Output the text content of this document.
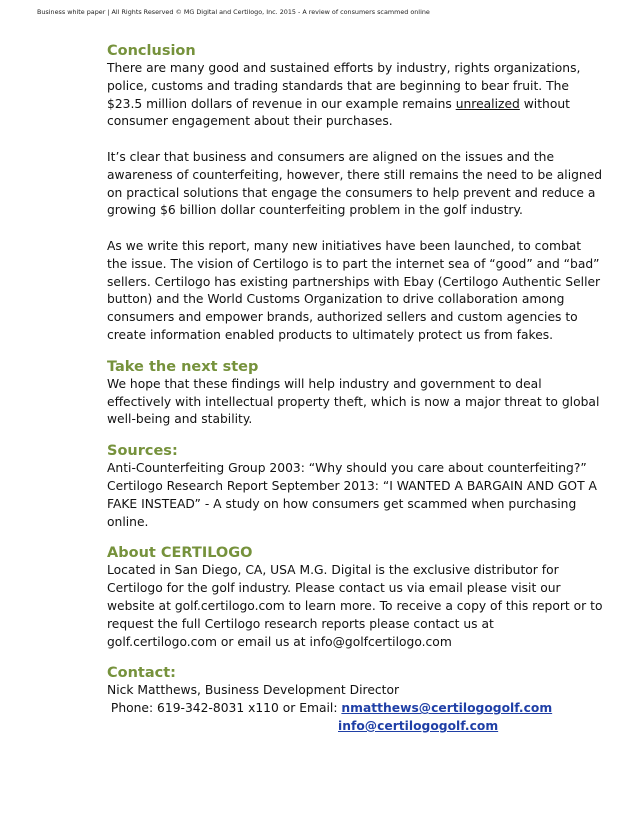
Business white paper | All Rights Reserved © MG Digital and Certilogo, Inc. 2015 - A review of consumers scammed online
Conclusion

There are many good and sustained efforts by industry, rights organizations, police, customs and trading standards that are beginning to bear fruit. The $23.5 million dollars of revenue in our example remains unrealized without consumer engagement about their purchases.

It’s clear that business and consumers are aligned on the issues and the awareness of counterfeiting, however, there still remains the need to be aligned on practical solutions that engage the consumers to help prevent and reduce a growing $6 billion dollar counterfeiting problem in the golf industry.

As we write this report, many new initiatives have been launched, to combat the issue. The vision of Certilogo is to part the internet sea of “good” and “bad” sellers. Certilogo has existing partnerships with Ebay (Certilogo Authentic Seller button) and the World Customs Organization to drive collaboration among consumers and empower brands, authorized sellers and custom agencies to create information enabled products to ultimately protect us from fakes.

Take the next step

We hope that these findings will help industry and government to deal effectively with intellectual property theft, which is now a major threat to global well-being and stability.

Sources:

Anti-Counterfeiting Group 2003: “Why should you care about counterfeiting?”

Certilogo Research Report September 2013: “I WANTED A BARGAIN AND GOT A FAKE INSTEAD” - A study on how consumers get scammed when purchasing online.

About CERTILOGO

Located in San Diego, CA, USA M.G. Digital is the exclusive distributor for Certilogo for the golf industry. Please contact us via email please visit our website at golf.certilogo.com to learn more. To receive a copy of this report or to request the full Certilogo research reports please contact us at golf.certilogo.com or email us at info@golfcertilogo.com

Contact:

Nick Matthews, Business Development Director

Phone: 619-342-8031 x110 or Email: nmatthews@certilogogolf.com

info@certilogogolf.com
